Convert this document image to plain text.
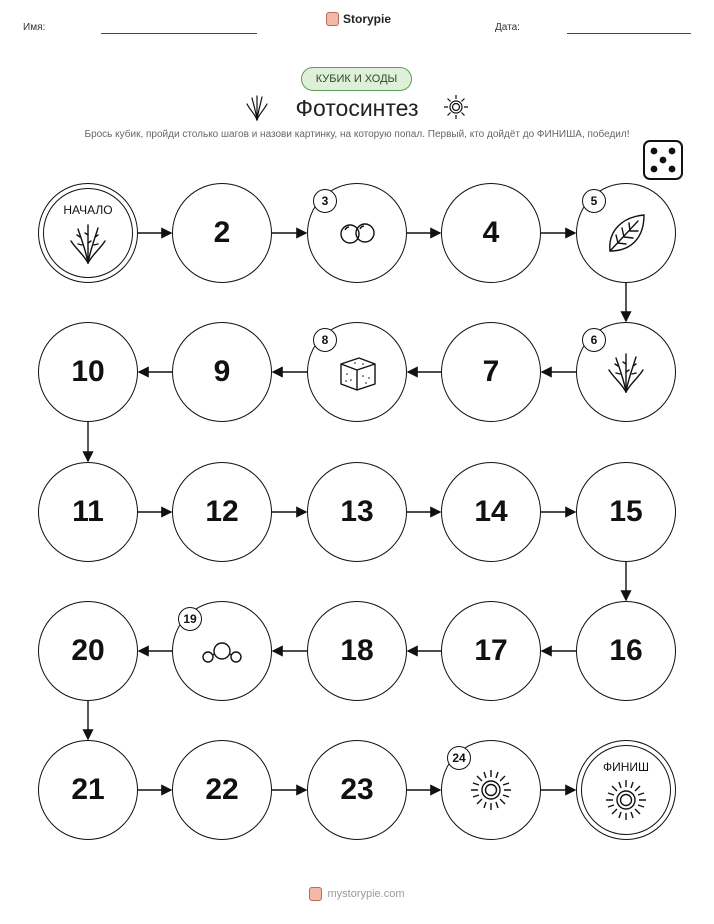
Имя:
Storypie
Дата:
КУБИК И ХОДЫ
Фотосинтез
Брось кубик, пройди столько шагов и назови картинку, на которую попал. Первый, кто дойдёт до ФИНИША, победил!
НАЧАЛО
2
3
4
5
6
7
8
9
10
11	12	13	14	15
16
17
18
19
20
21	22	23
24
ФИНИШ
mystorypie.com
